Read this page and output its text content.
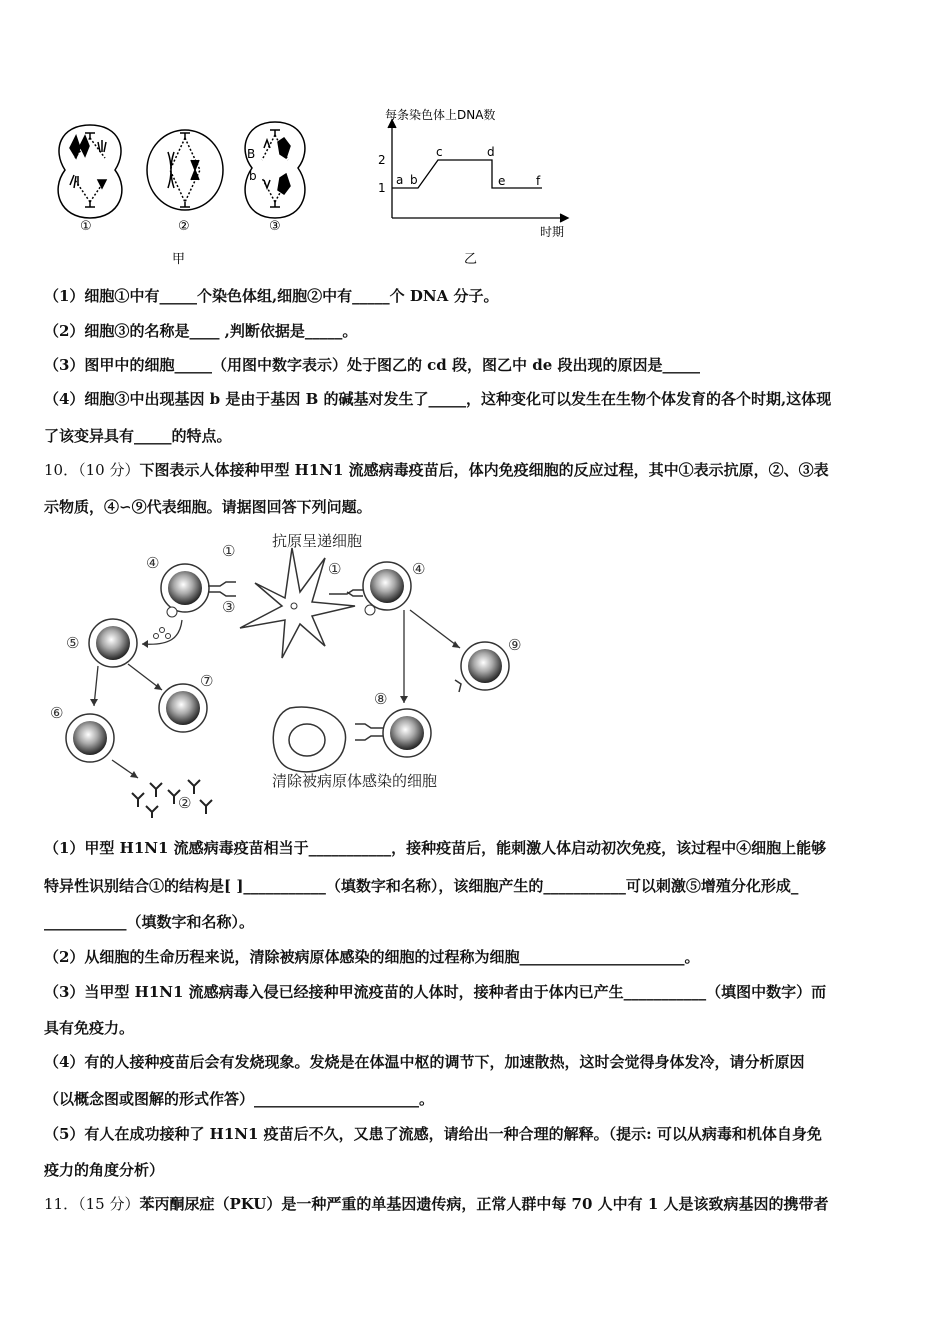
B
b
①	②	③
每条染色体上DNA数
2
1
a b
c	d
e	f
时期
甲	乙
（1）细胞①中有_____个染色体组,细胞②中有_____个 DNA 分子。
（2）细胞③的名称是____ ,判断依据是_____。
（3）图甲中的细胞_____（用图中数字表示）处于图乙的 cd 段，图乙中 de 段出现的原因是_____
（4）细胞③中出现基因 b 是由于基因 B 的碱基对发生了_____，这种变化可以发生在生物个体发育的各个时期,这体现
了该变异具有_____的特点。
10．（10 分）下图表示人体接种甲型 H1N1 流感病毒疫苗后，体内免疫细胞的反应过程，其中①表示抗原，②、③表
示物质，④∽⑨代表细胞。请据图回答下列问题。
抗原呈递细胞
①
①
②
③
④	④
⑤
⑥
⑦
⑧
⑨
清除被病原体感染的细胞
（1）甲型 H1N1 流感病毒疫苗相当于___________，接种疫苗后，能刺激人体启动初次免疫，该过程中④细胞上能够
特异性识别结合①的结构是[ ]___________（填数字和名称），该细胞产生的___________可以刺激⑤增殖分化形成_
___________（填数字和名称）。
（2）从细胞的生命历程来说，清除被病原体感染的细胞的过程称为细胞______________________。
（3）当甲型 H1N1 流感病毒入侵已经接种甲流疫苗的人体时，接种者由于体内已产生___________（填图中数字）而
具有免疫力。
（4）有的人接种疫苗后会有发烧现象。发烧是在体温中枢的调节下，加速散热，这时会觉得身体发冷，请分析原因
（以概念图或图解的形式作答）______________________。
（5）有人在成功接种了 H1N1 疫苗后不久，又患了流感，请给出一种合理的解释。（提示: 可以从病毒和机体自身免
疫力的角度分析）
11．（15 分）苯丙酮尿症（PKU）是一种严重的单基因遗传病，正常人群中每 70 人中有 1 人是该致病基因的携带者
